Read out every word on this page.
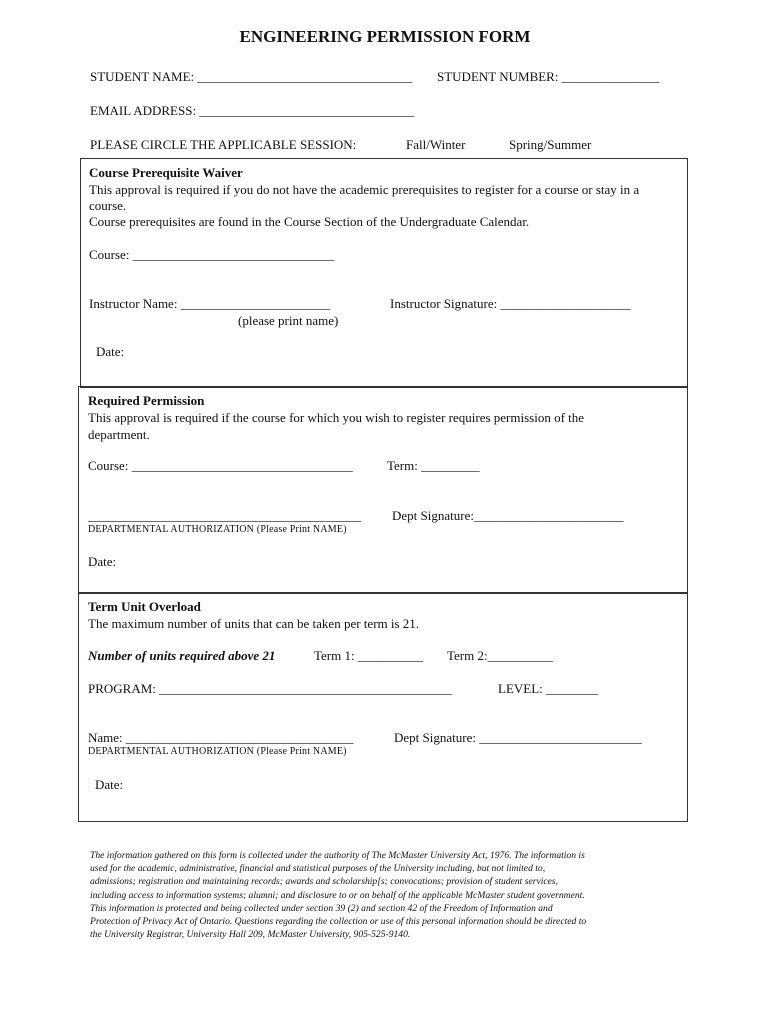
ENGINEERING PERMISSION FORM
STUDENT NAME: _________________________________ STUDENT NUMBER: _______________
EMAIL ADDRESS: _________________________________
PLEASE CIRCLE THE APPLICABLE SESSION:	Fall/Winter	Spring/Summer
Course Prerequisite Waiver
This approval is required if you do not have the academic prerequisites to register for a course or stay in a
course.
Course prerequisites are found in the Course Section of the Undergraduate Calendar.
Course: _______________________________
Instructor Name: _______________________
(please print name)
Instructor Signature: ____________________
Date:
Required Permission
This approval is required if the course for which you wish to register requires permission of the
department.
Course: __________________________________	Term: _________
__________________________________________ Dept Signature:_______________________
DEPARTMENTAL AUTHORIZATION (Please Print NAME)
Date:
Term Unit Overload
The maximum number of units that can be taken per term is 21.
Number of units required above 21	Term 1: __________ Term 2:__________
PROGRAM: _____________________________________________	LEVEL: ________
Name: ___________________________________	Dept Signature: _________________________
DEPARTMENTAL AUTHORIZATION (Please Print NAME)
Date:
The information gathered on this form is collected under the authority of The McMaster University Act, 1976. The information is
used for the academic, administrative, financial and statistical purposes of the University including, but not limited to,
admissions; registration and maintaining records; awards and scholarship[s; convocations; provision of student services,
including access to information systems; alumni; and disclosure to or on behalf of the applicable McMaster student government.
This information is protected and being collected under section 39 (2) and section 42 of the Freedom of Information and
Protection of Privacy Act of Ontario. Questions regarding the collection or use of this personal information should be directed to
the University Registrar, University Hall 209, McMaster University, 905-525-9140.
